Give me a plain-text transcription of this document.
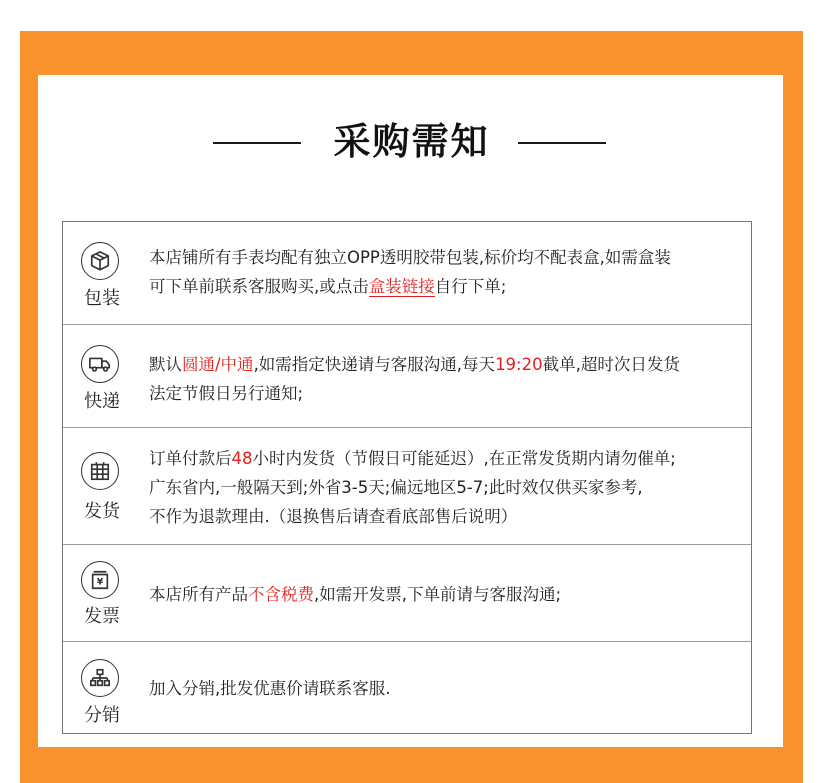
采购需知
包装
本店铺所有手表均配有独立OPP透明胶带包装,标价均不配表盒,如需盒装
可下单前联系客服购买,或点击盒装链接自行下单;
快递
默认圆通/中通,如需指定快递请与客服沟通,每天19:20截单,超时次日发货
法定节假日另行通知;
发货
订单付款后48小时内发货（节假日可能延迟）,在正常发货期内请勿催单;
广东省内,一般隔天到;外省3-5天;偏远地区5-7;此时效仅供买家参考,
不作为退款理由.（退换售后请查看底部售后说明）
¥
发票
本店所有产品不含税费,如需开发票,下单前请与客服沟通;
分销
加入分销,批发优惠价请联系客服.
